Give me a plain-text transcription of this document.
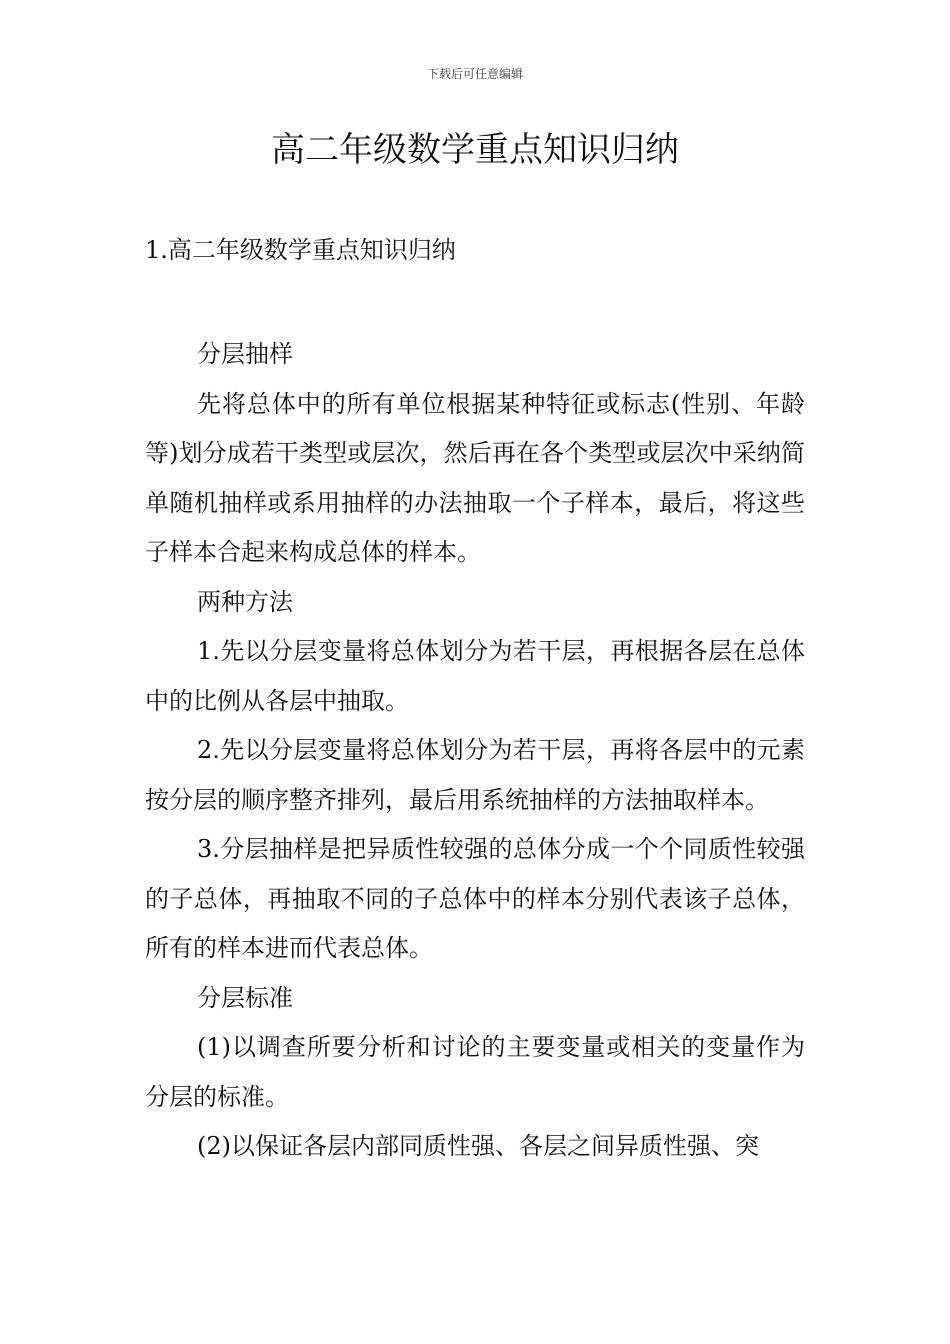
下载后可任意编辑
高二年级数学重点知识归纳
1.高二年级数学重点知识归纳

分层抽样

先将总体中的所有单位根据某种特征或标志(性别、年龄等)划分成若干类型或层次，然后再在各个类型或层次中采纳简单随机抽样或系用抽样的办法抽取一个子样本，最后，将这些子样本合起来构成总体的样本。

两种方法

1.先以分层变量将总体划分为若干层，再根据各层在总体中的比例从各层中抽取。

2.先以分层变量将总体划分为若干层，再将各层中的元素按分层的顺序整齐排列，最后用系统抽样的方法抽取样本。

3.分层抽样是把异质性较强的总体分成一个个同质性较强的子总体，再抽取不同的子总体中的样本分别代表该子总体，所有的样本进而代表总体。

分层标准

(1)以调查所要分析和讨论的主要变量或相关的变量作为分层的标准。

(2)以保证各层内部同质性强、各层之间异质性强、突
